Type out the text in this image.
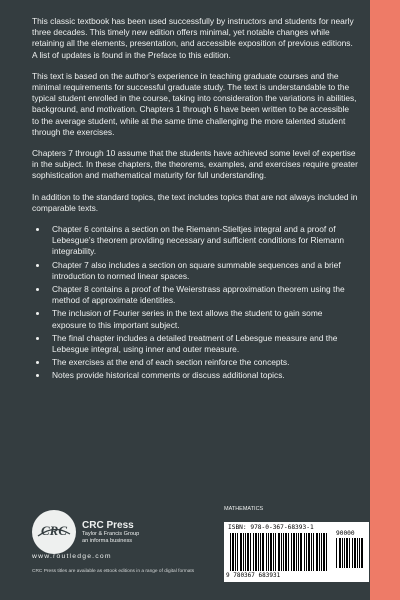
This classic textbook has been used successfully by instructors and students for nearly three decades. This timely new edition offers minimal, yet notable changes while retaining all the elements, presentation, and accessible exposition of previous editions. A list of updates is found in the Preface to this edition.

This text is based on the author’s experience in teaching graduate courses and the minimal requirements for successful graduate study. The text is understandable to the typical student enrolled in the course, taking into consideration the variations in abilities, background, and motivation. Chapters 1 through 6 have been written to be accessible to the average student, while at the same time challenging the more talented student through the exercises.

Chapters 7 through 10 assume that the students have achieved some level of expertise in the subject. In these chapters, the theorems, examples, and exercises require greater sophistication and mathematical maturity for full understanding.

In addition to the standard topics, the text includes topics that are not always included in comparable texts.

• Chapter 6 contains a section on the Riemann-Stieltjes integral and a proof of Lebesgue’s theorem providing necessary and sufficient conditions for Riemann integrability.
• Chapter 7 also includes a section on square summable sequences and a brief introduction to normed linear spaces.
• Chapter 8 contains a proof of the Weierstrass approximation theorem using the method of approximate identities.
• The inclusion of Fourier series in the text allows the student to gain some exposure to this important subject.
• The final chapter includes a detailed treatment of Lebesgue measure and the Lebesgue integral, using inner and outer measure.
• The exercises at the end of each section reinforce the concepts.
• Notes provide historical comments or discuss additional topics.
CRC CRC Press
Taylor & Francis Group
an informa business
www.routledge.com
CRC Press titles are available as eBook editions in a range of digital formats
MATHEMATICS
ISBN: 978-0-367-68393-1
90000
9 780367 683931
